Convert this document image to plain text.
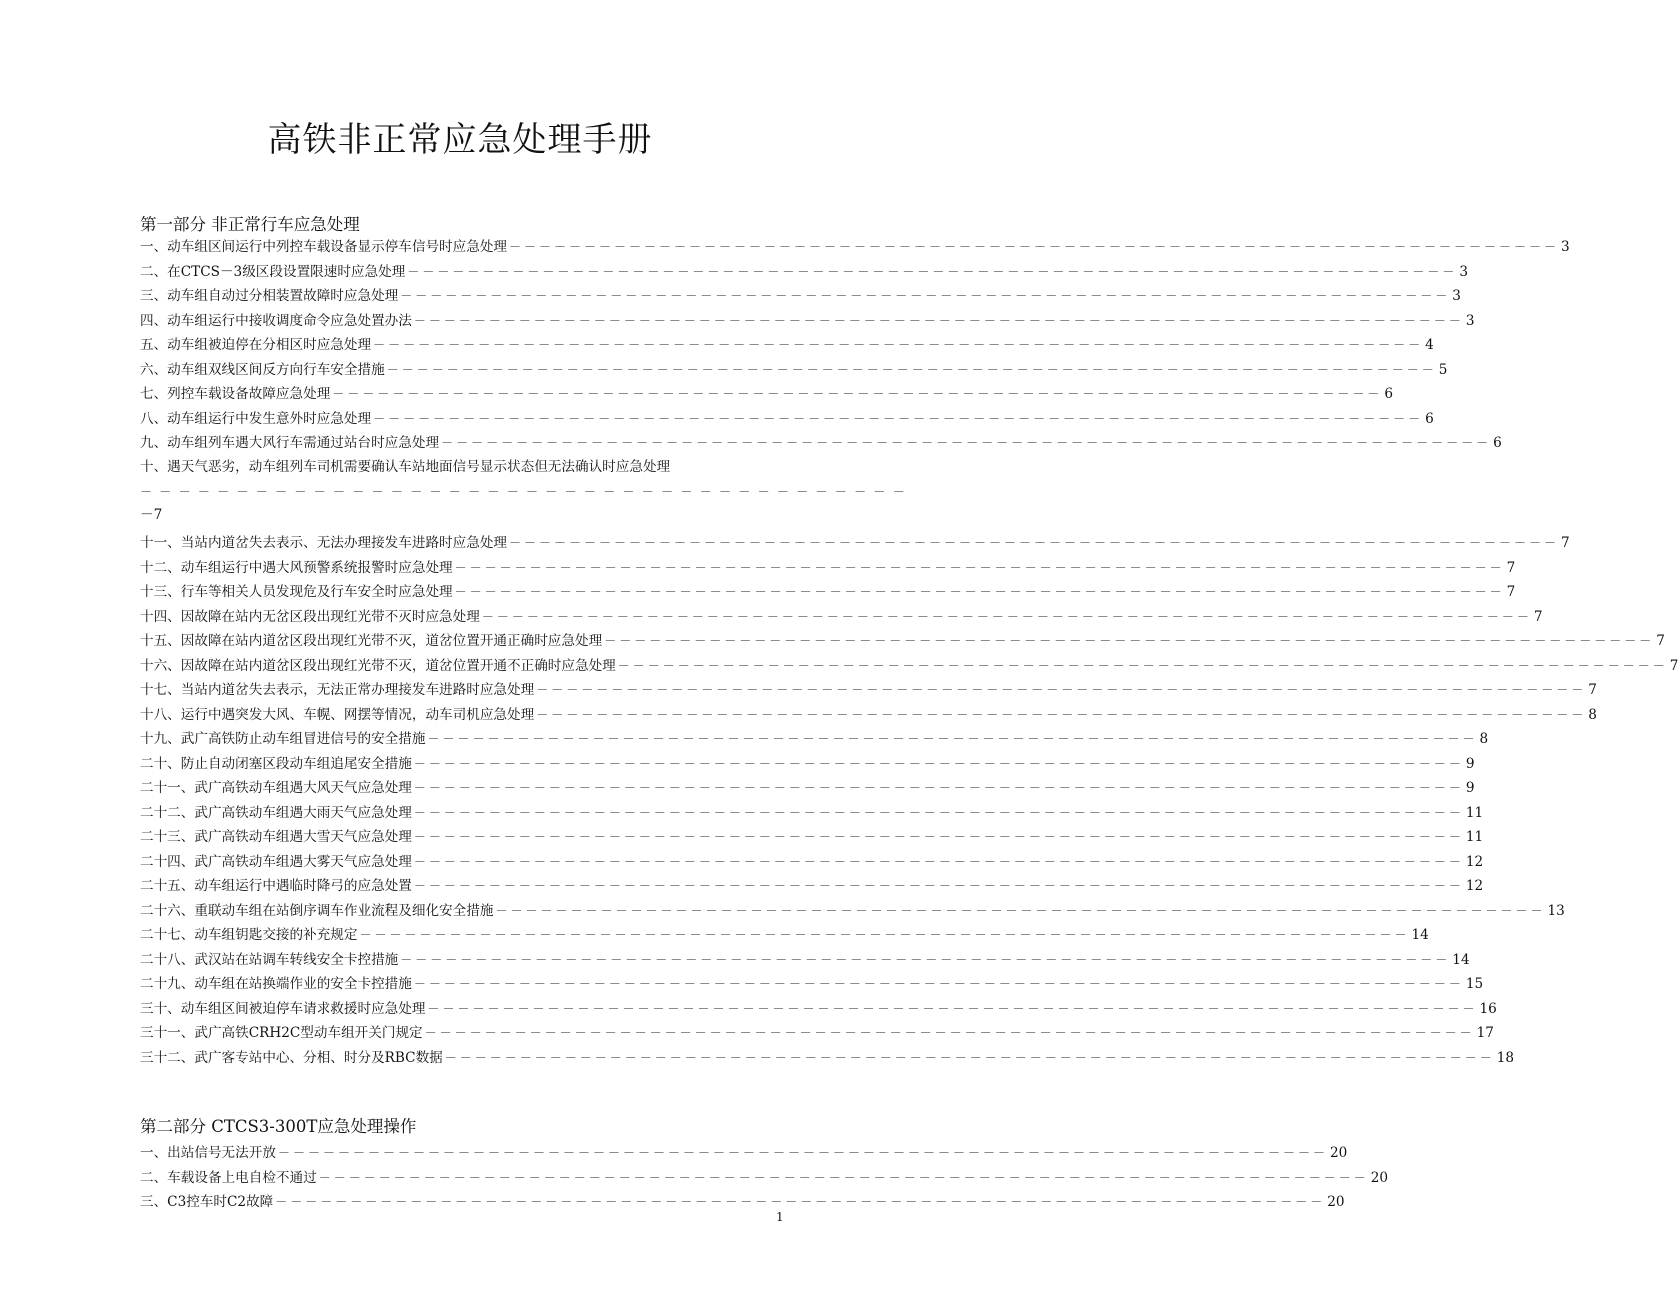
高铁非正常应急处理手册
第一部分 非正常行车应急处理
一、动车组区间运行中列控车载设备显示停车信号时应急处理 －－－－－－－－－－－－－－－－－－－－－－－－－－－－－－－－－－－－－－－－－－－－－－－－－－－－－－－－－－－－－－－－－－－－－－ 3
二、在CTCS－3级区段设置限速时应急处理 －－－－－－－－－－－－－－－－－－－－－－－－－－－－－－－－－－－－－－－－－－－－－－－－－－－－－－－－－－－－－－－－－－－－－－ 3
三、动车组自动过分相装置故障时应急处理 －－－－－－－－－－－－－－－－－－－－－－－－－－－－－－－－－－－－－－－－－－－－－－－－－－－－－－－－－－－－－－－－－－－－－－ 3
四、动车组运行中接收调度命令应急处置办法 －－－－－－－－－－－－－－－－－－－－－－－－－－－－－－－－－－－－－－－－－－－－－－－－－－－－－－－－－－－－－－－－－－－－－－ 3
五、动车组被迫停在分相区时应急处理 －－－－－－－－－－－－－－－－－－－－－－－－－－－－－－－－－－－－－－－－－－－－－－－－－－－－－－－－－－－－－－－－－－－－－－ 4
六、动车组双线区间反方向行车安全措施 －－－－－－－－－－－－－－－－－－－－－－－－－－－－－－－－－－－－－－－－－－－－－－－－－－－－－－－－－－－－－－－－－－－－－－ 5
七、列控车载设备故障应急处理 －－－－－－－－－－－－－－－－－－－－－－－－－－－－－－－－－－－－－－－－－－－－－－－－－－－－－－－－－－－－－－－－－－－－－－ 6
八、动车组运行中发生意外时应急处理 －－－－－－－－－－－－－－－－－－－－－－－－－－－－－－－－－－－－－－－－－－－－－－－－－－－－－－－－－－－－－－－－－－－－－－ 6
九、动车组列车遇大风行车需通过站台时应急处理 －－－－－－－－－－－－－－－－－－－－－－－－－－－－－－－－－－－－－－－－－－－－－－－－－－－－－－－－－－－－－－－－－－－－－－ 6
十、遇天气恶劣，动车组列车司机需要确认车站地面信号显示状态但无法确认时应急处理
－－－－－－－－－－－－－－－－－－－－－－－－－－－－－－－－－－－－－－－－
－7
十一、当站内道岔失去表示、无法办理接发车进路时应急处理 －－－－－－－－－－－－－－－－－－－－－－－－－－－－－－－－－－－－－－－－－－－－－－－－－－－－－－－－－－－－－－－－－－－－－－ 7
十二、动车组运行中遇大风预警系统报警时应急处理 －－－－－－－－－－－－－－－－－－－－－－－－－－－－－－－－－－－－－－－－－－－－－－－－－－－－－－－－－－－－－－－－－－－－－－ 7
十三、行车等相关人员发现危及行车安全时应急处理 －－－－－－－－－－－－－－－－－－－－－－－－－－－－－－－－－－－－－－－－－－－－－－－－－－－－－－－－－－－－－－－－－－－－－－ 7
十四、因故障在站内无岔区段出现红光带不灭时应急处理 －－－－－－－－－－－－－－－－－－－－－－－－－－－－－－－－－－－－－－－－－－－－－－－－－－－－－－－－－－－－－－－－－－－－－－ 7
十五、因故障在站内道岔区段出现红光带不灭，道岔位置开通正确时应急处理 －－－－－－－－－－－－－－－－－－－－－－－－－－－－－－－－－－－－－－－－－－－－－－－－－－－－－－－－－－－－－－－－－－－－－－ 7
十六、因故障在站内道岔区段出现红光带不灭，道岔位置开通不正确时应急处理 －－－－－－－－－－－－－－－－－－－－－－－－－－－－－－－－－－－－－－－－－－－－－－－－－－－－－－－－－－－－－－－－－－－－－－ 7
十七、当站内道岔失去表示，无法正常办理接发车进路时应急处理 －－－－－－－－－－－－－－－－－－－－－－－－－－－－－－－－－－－－－－－－－－－－－－－－－－－－－－－－－－－－－－－－－－－－－－ 7
十八、运行中遇突发大风、车幌、网摆等情况，动车司机应急处理 －－－－－－－－－－－－－－－－－－－－－－－－－－－－－－－－－－－－－－－－－－－－－－－－－－－－－－－－－－－－－－－－－－－－－－ 8
十九、武广高铁防止动车组冒进信号的安全措施 －－－－－－－－－－－－－－－－－－－－－－－－－－－－－－－－－－－－－－－－－－－－－－－－－－－－－－－－－－－－－－－－－－－－－－ 8
二十、防止自动闭塞区段动车组追尾安全措施 －－－－－－－－－－－－－－－－－－－－－－－－－－－－－－－－－－－－－－－－－－－－－－－－－－－－－－－－－－－－－－－－－－－－－－ 9
二十一、武广高铁动车组遇大风天气应急处理 －－－－－－－－－－－－－－－－－－－－－－－－－－－－－－－－－－－－－－－－－－－－－－－－－－－－－－－－－－－－－－－－－－－－－－ 9
二十二、武广高铁动车组遇大雨天气应急处理 －－－－－－－－－－－－－－－－－－－－－－－－－－－－－－－－－－－－－－－－－－－－－－－－－－－－－－－－－－－－－－－－－－－－－－ 11
二十三、武广高铁动车组遇大雪天气应急处理 －－－－－－－－－－－－－－－－－－－－－－－－－－－－－－－－－－－－－－－－－－－－－－－－－－－－－－－－－－－－－－－－－－－－－－ 11
二十四、武广高铁动车组遇大雾天气应急处理 －－－－－－－－－－－－－－－－－－－－－－－－－－－－－－－－－－－－－－－－－－－－－－－－－－－－－－－－－－－－－－－－－－－－－－ 12
二十五、动车组运行中遇临时降弓的应急处置 －－－－－－－－－－－－－－－－－－－－－－－－－－－－－－－－－－－－－－－－－－－－－－－－－－－－－－－－－－－－－－－－－－－－－－ 12
二十六、重联动车组在站倒序调车作业流程及细化安全措施 －－－－－－－－－－－－－－－－－－－－－－－－－－－－－－－－－－－－－－－－－－－－－－－－－－－－－－－－－－－－－－－－－－－－－－ 13
二十七、动车组钥匙交接的补充规定 －－－－－－－－－－－－－－－－－－－－－－－－－－－－－－－－－－－－－－－－－－－－－－－－－－－－－－－－－－－－－－－－－－－－－－ 14
二十八、武汉站在站调车转线安全卡控措施 －－－－－－－－－－－－－－－－－－－－－－－－－－－－－－－－－－－－－－－－－－－－－－－－－－－－－－－－－－－－－－－－－－－－－－ 14
二十九、动车组在站换端作业的安全卡控措施 －－－－－－－－－－－－－－－－－－－－－－－－－－－－－－－－－－－－－－－－－－－－－－－－－－－－－－－－－－－－－－－－－－－－－－ 15
三十、动车组区间被迫停车请求救援时应急处理 －－－－－－－－－－－－－－－－－－－－－－－－－－－－－－－－－－－－－－－－－－－－－－－－－－－－－－－－－－－－－－－－－－－－－－ 16
三十一、武广高铁CRH2C型动车组开关门规定 －－－－－－－－－－－－－－－－－－－－－－－－－－－－－－－－－－－－－－－－－－－－－－－－－－－－－－－－－－－－－－－－－－－－－－ 17
三十二、武广客专站中心、分相、时分及RBC数据 －－－－－－－－－－－－－－－－－－－－－－－－－－－－－－－－－－－－－－－－－－－－－－－－－－－－－－－－－－－－－－－－－－－－－－ 18
第二部分 CTCS3-300T应急处理操作
一、出站信号无法开放 －－－－－－－－－－－－－－－－－－－－－－－－－－－－－－－－－－－－－－－－－－－－－－－－－－－－－－－－－－－－－－－－－－－－－－ 20
二、车载设备上电自检不通过 －－－－－－－－－－－－－－－－－－－－－－－－－－－－－－－－－－－－－－－－－－－－－－－－－－－－－－－－－－－－－－－－－－－－－－ 20
三、C3控车时C2故障 －－－－－－－－－－－－－－－－－－－－－－－－－－－－－－－－－－－－－－－－－－－－－－－－－－－－－－－－－－－－－－－－－－－－－－ 20
1
